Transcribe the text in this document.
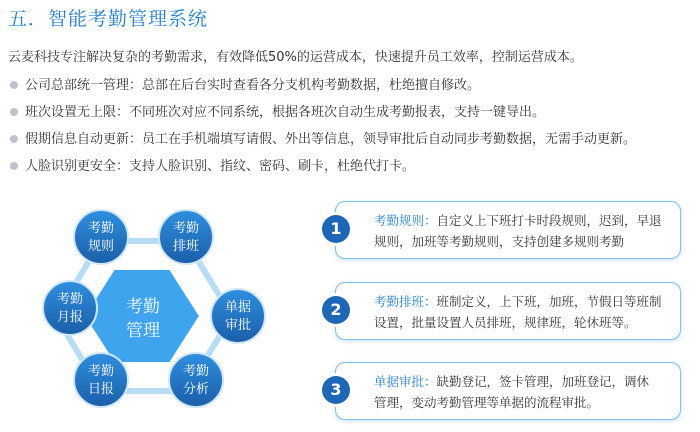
五．智能考勤管理系统
云麦科技专注解决复杂的考勤需求，有效降低50%的运营成本，快速提升员工效率，控制运营成本。
公司总部统一管理：总部在后台实时查看各分支机构考勤数据，杜绝擅自修改。
班次设置无上限：不同班次对应不同系统，根据各班次自动生成考勤报表，支持一键导出。
假期信息自动更新：员工在手机端填写请假、外出等信息，领导审批后自动同步考勤数据，无需手动更新。
人脸识别更安全：支持人脸识别、指纹、密码、刷卡，杜绝代打卡。
考勤
管理
考勤
规则
考勤
排班
单据
审批
考勤
分析
考勤
日报
考勤
月报
1	考勤规则：自定义上下班打卡时段规则，迟到，早退
规则，加班等考勤规则，支持创建多规则考勤
2	考勤排班：班制定义，上下班，加班，节假日等班制
设置，批量设置人员排班，规律班，轮休班等。
3	单据审批：缺勤登记，签卡管理，加班登记，调休
管理，变动考勤管理等单据的流程审批。
